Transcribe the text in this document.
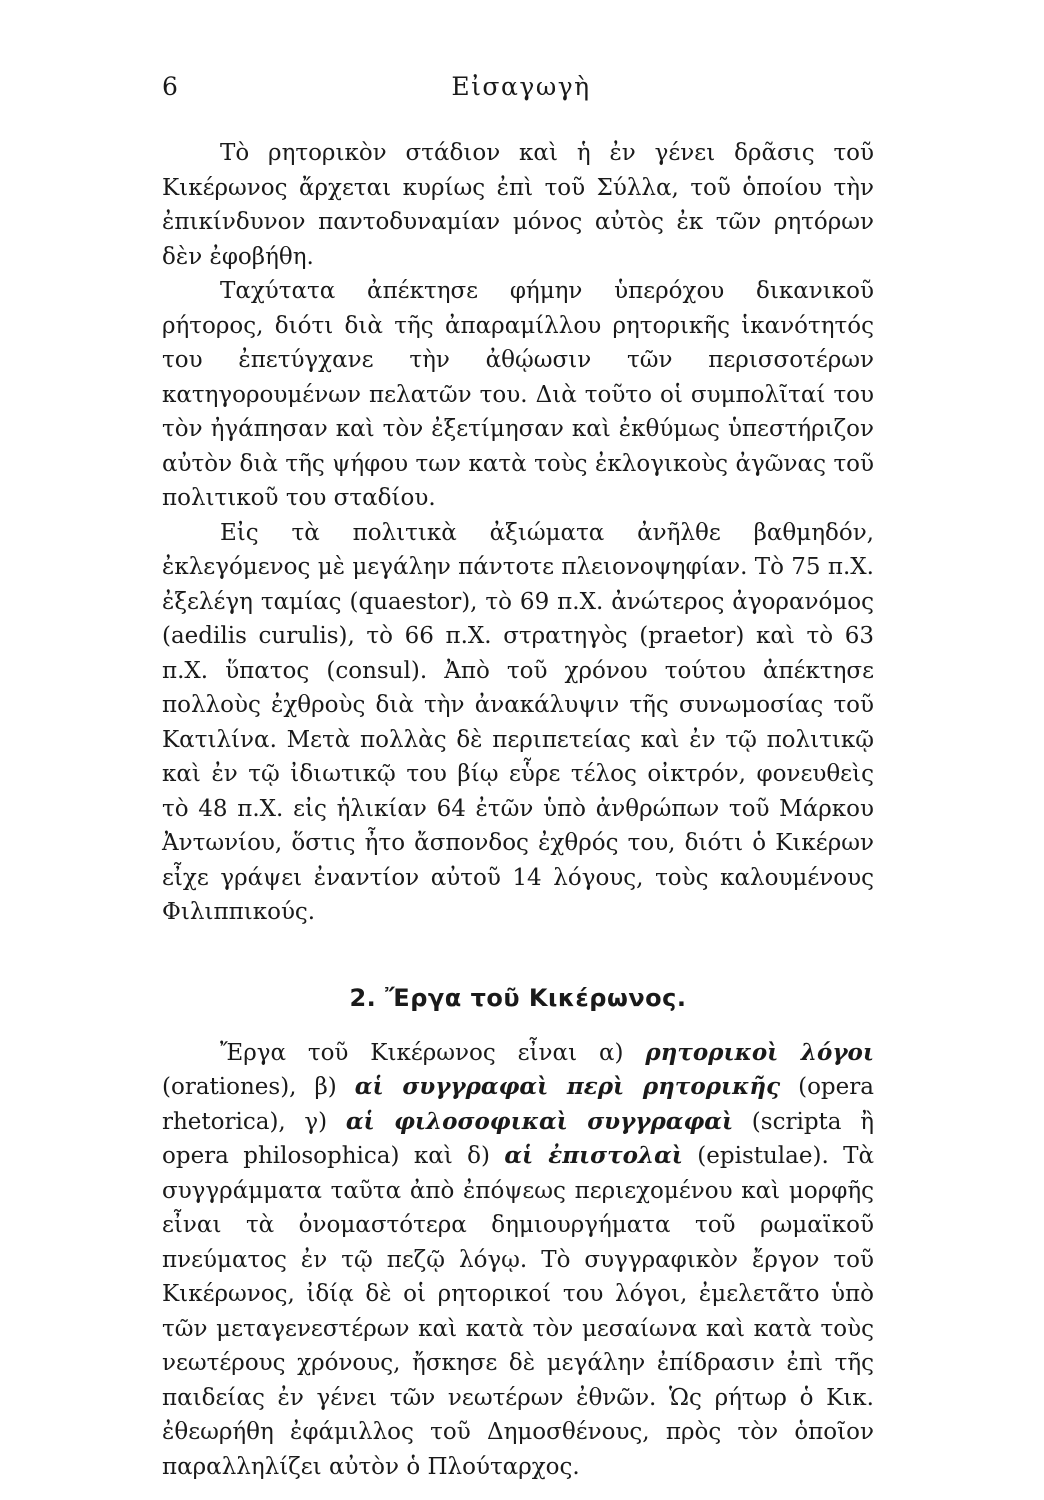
6	Εἰσαγωγὴ

Τὸ ρητορικὸν στάδιον καὶ ἡ ἐν γένει δρᾶσις τοῦ Κικέρωνος ἄρχεται κυρίως ἐπὶ τοῦ Σύλλα, τοῦ ὁποίου τὴν ἐπικίνδυνον παντοδυναμίαν μόνος αὐτὸς ἐκ τῶν ρητόρων δὲν ἐφοβήθη.

Ταχύτατα ἀπέκτησε φήμην ὑπερόχου δικανικοῦ ρήτορος, διότι διὰ τῆς ἀπαραμίλλου ρητορικῆς ἱκανότητός του ἐπετύγχανε τὴν ἀθῴωσιν τῶν περισσοτέρων κατηγορουμένων πελατῶν του. Διὰ τοῦτο οἱ συμπολῖταί του τὸν ἠγάπησαν καὶ τὸν ἐξετίμησαν καὶ ἐκθύμως ὑπεστήριζον αὐτὸν διὰ τῆς ψήφου των κατὰ τοὺς ἐκλογικοὺς ἀγῶνας τοῦ πολιτικοῦ του σταδίου.

Εἰς τὰ πολιτικὰ ἀξιώματα ἀνῆλθε βαθμηδόν, ἐκλεγόμενος μὲ μεγάλην πάντοτε πλειονοψηφίαν. Τὸ 75 π.Χ. ἐξελέγη ταμίας (quaestor), τὸ 69 π.Χ. ἀνώτερος ἀγορανόμος (aedilis curulis), τὸ 66 π.Χ. στρατηγὸς (praetor) καὶ τὸ 63 π.Χ. ὕπατος (consul). Ἀπὸ τοῦ χρόνου τούτου ἀπέκτησε πολλοὺς ἐχθροὺς διὰ τὴν ἀνακάλυψιν τῆς συνωμοσίας τοῦ Κατιλίνα. Μετὰ πολλὰς δὲ περιπετείας καὶ ἐν τῷ πολιτικῷ καὶ ἐν τῷ ἰδιωτικῷ του βίῳ εὗρε τέλος οἰκτρόν, φονευθεὶς τὸ 48 π.Χ. εἰς ἡλικίαν 64 ἐτῶν ὑπὸ ἀνθρώπων τοῦ Μάρκου Ἀντωνίου, ὅστις ἦτο ἄσπονδος ἐχθρός του, διότι ὁ Κικέρων εἶχε γράψει ἐναντίον αὐτοῦ 14 λόγους, τοὺς καλουμένους Φιλιππικούς.

2. Ἔργα τοῦ Κικέρωνος.

Ἔργα τοῦ Κικέρωνος εἶναι α) ρητορικοὶ λόγοι (orationes), β) αἱ συγγραφαὶ περὶ ρητορικῆς (opera rhetorica), γ) αἱ φιλοσοφικαὶ συγγραφαὶ (scripta ἢ opera philosophica) καὶ δ) αἱ ἐπιστολαὶ (epistulae). Τὰ συγγράμματα ταῦτα ἀπὸ ἐπόψεως περιεχομένου καὶ μορφῆς εἶναι τὰ ὀνομαστότερα δημιουργήματα τοῦ ρωμαϊκοῦ πνεύματος ἐν τῷ πεζῷ λόγῳ. Τὸ συγγραφικὸν ἔργον τοῦ Κικέρωνος, ἰδίᾳ δὲ οἱ ρητορικοί του λόγοι, ἐμελετᾶτο ὑπὸ τῶν μεταγενεστέρων καὶ κατὰ τὸν μεσαίωνα καὶ κατὰ τοὺς νεωτέρους χρόνους, ἤσκησε δὲ μεγάλην ἐπίδρασιν ἐπὶ τῆς παιδείας ἐν γένει τῶν νεωτέρων ἐθνῶν. Ὡς ρήτωρ ὁ Κικ. ἐθεωρήθη ἐφάμιλλος τοῦ Δημοσθένους, πρὸς τὸν ὁποῖον παραλληλίζει αὐτὸν ὁ Πλούταρχος.
